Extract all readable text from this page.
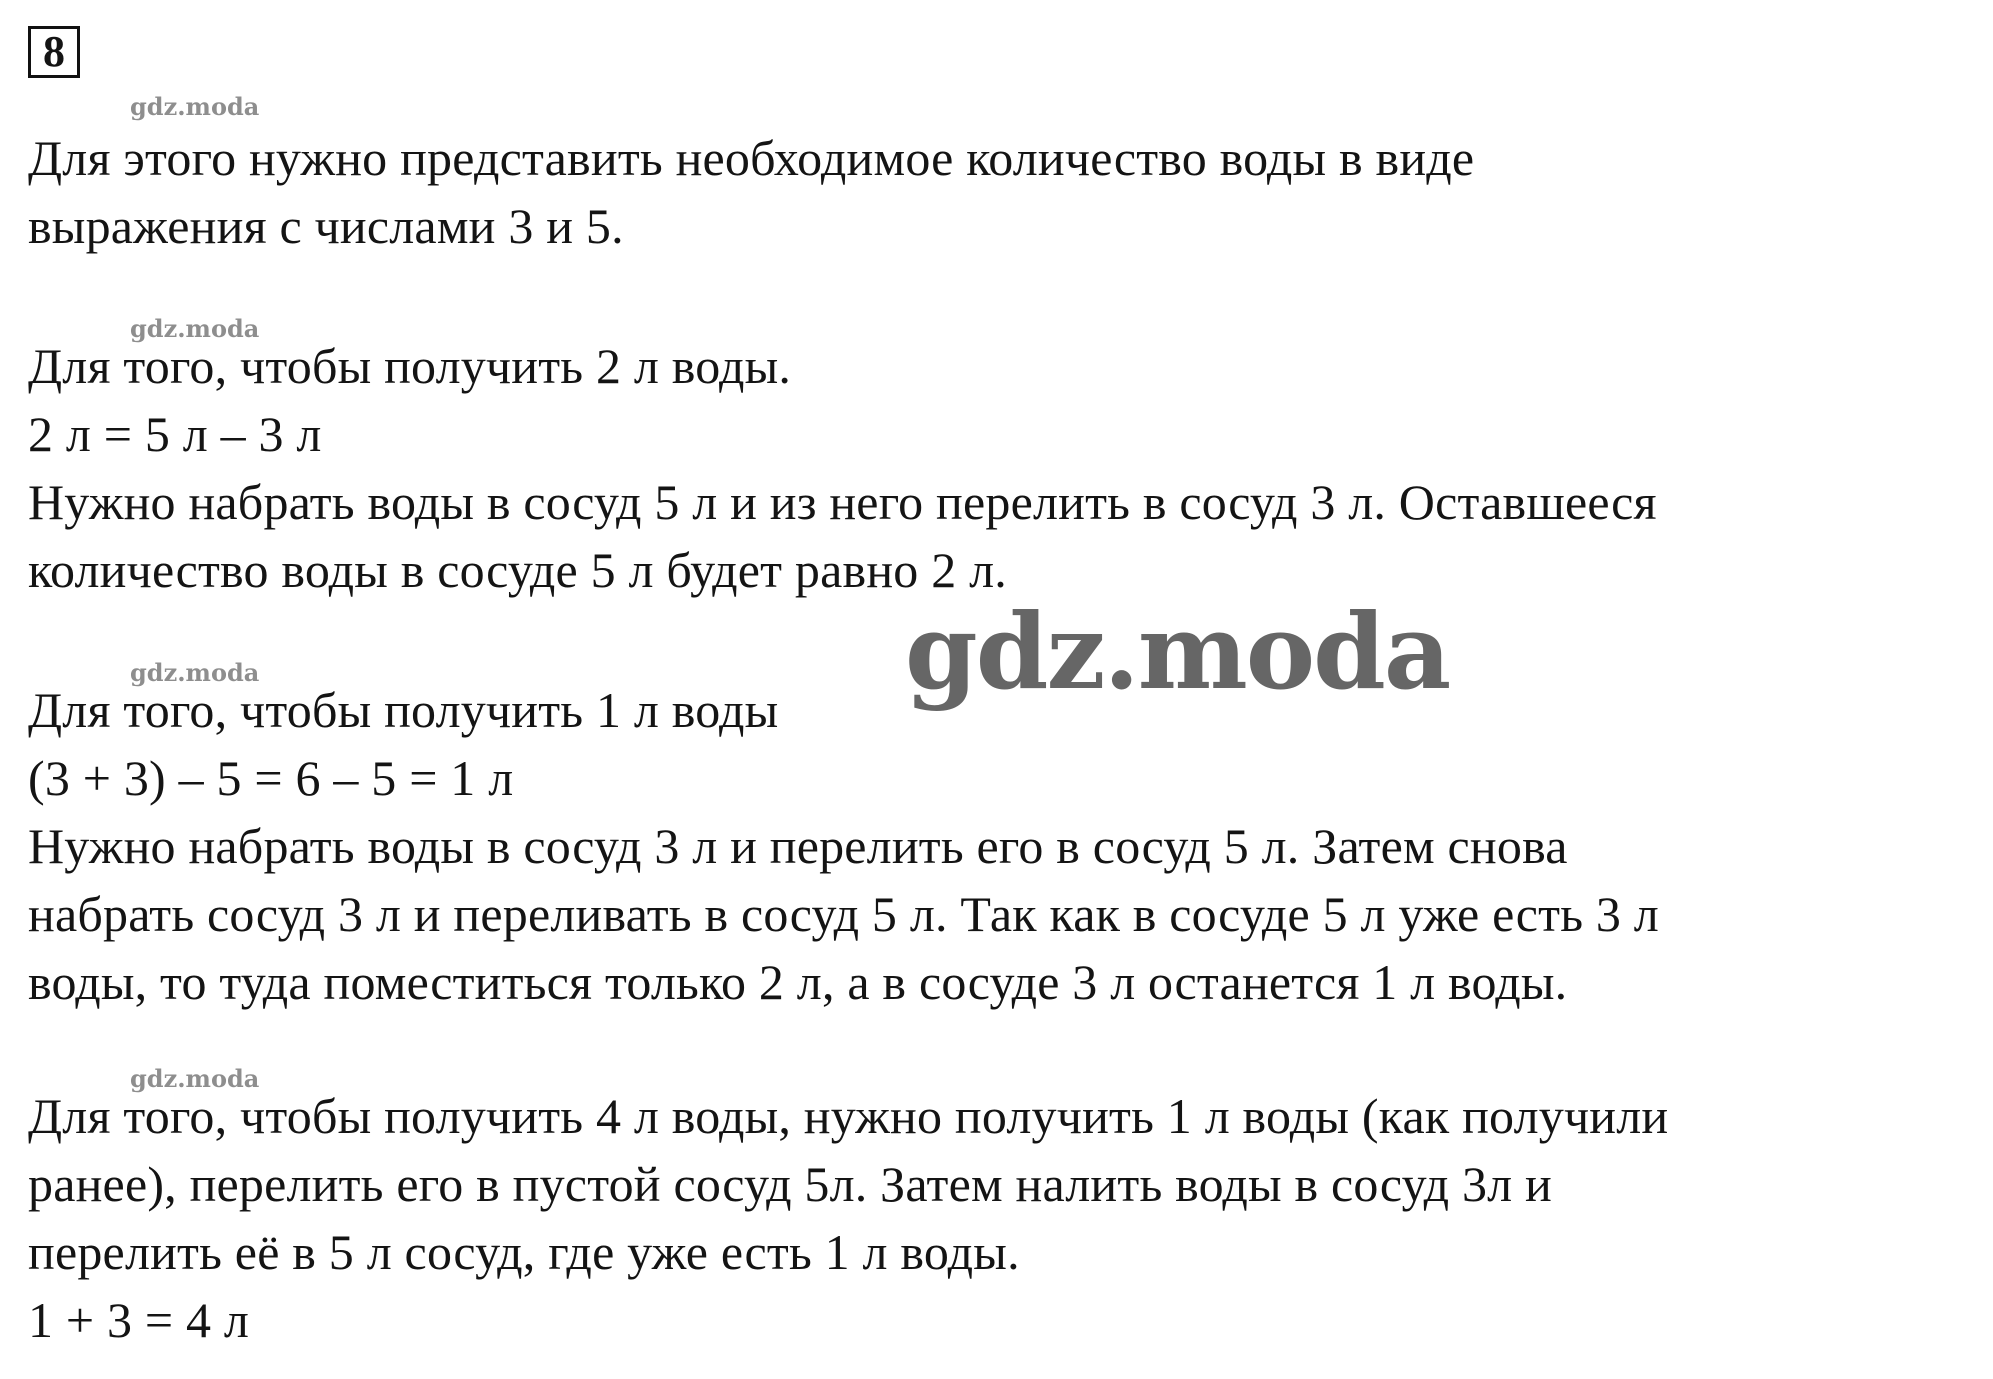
8
gdz.moda
gdz.moda
gdz.moda
gdz.moda
Для этого нужно представить необходимое количество воды в виде
выражения с числами 3 и 5.
Для того, чтобы получить 2 л воды.
2 л = 5 л – 3 л
Нужно набрать воды в сосуд 5 л и из него перелить в сосуд 3 л. Оставшееся
количество воды в сосуде 5 л будет равно 2 л.
Для того, чтобы получить 1 л воды
(3 + 3) – 5 = 6 – 5 = 1 л
Нужно набрать воды в сосуд 3 л и перелить его в сосуд 5 л. Затем снова
набрать сосуд 3 л и переливать в сосуд 5 л. Так как в сосуде 5 л уже есть 3 л
воды, то туда поместиться только 2 л, а в сосуде 3 л останется 1 л воды.
Для того, чтобы получить 4 л воды, нужно получить 1 л воды (как получили
ранее), перелить его в пустой сосуд 5л. Затем налить воды в сосуд 3л и
перелить её в 5 л сосуд, где уже есть 1 л воды.
1 + 3 = 4 л
gdz.moda
